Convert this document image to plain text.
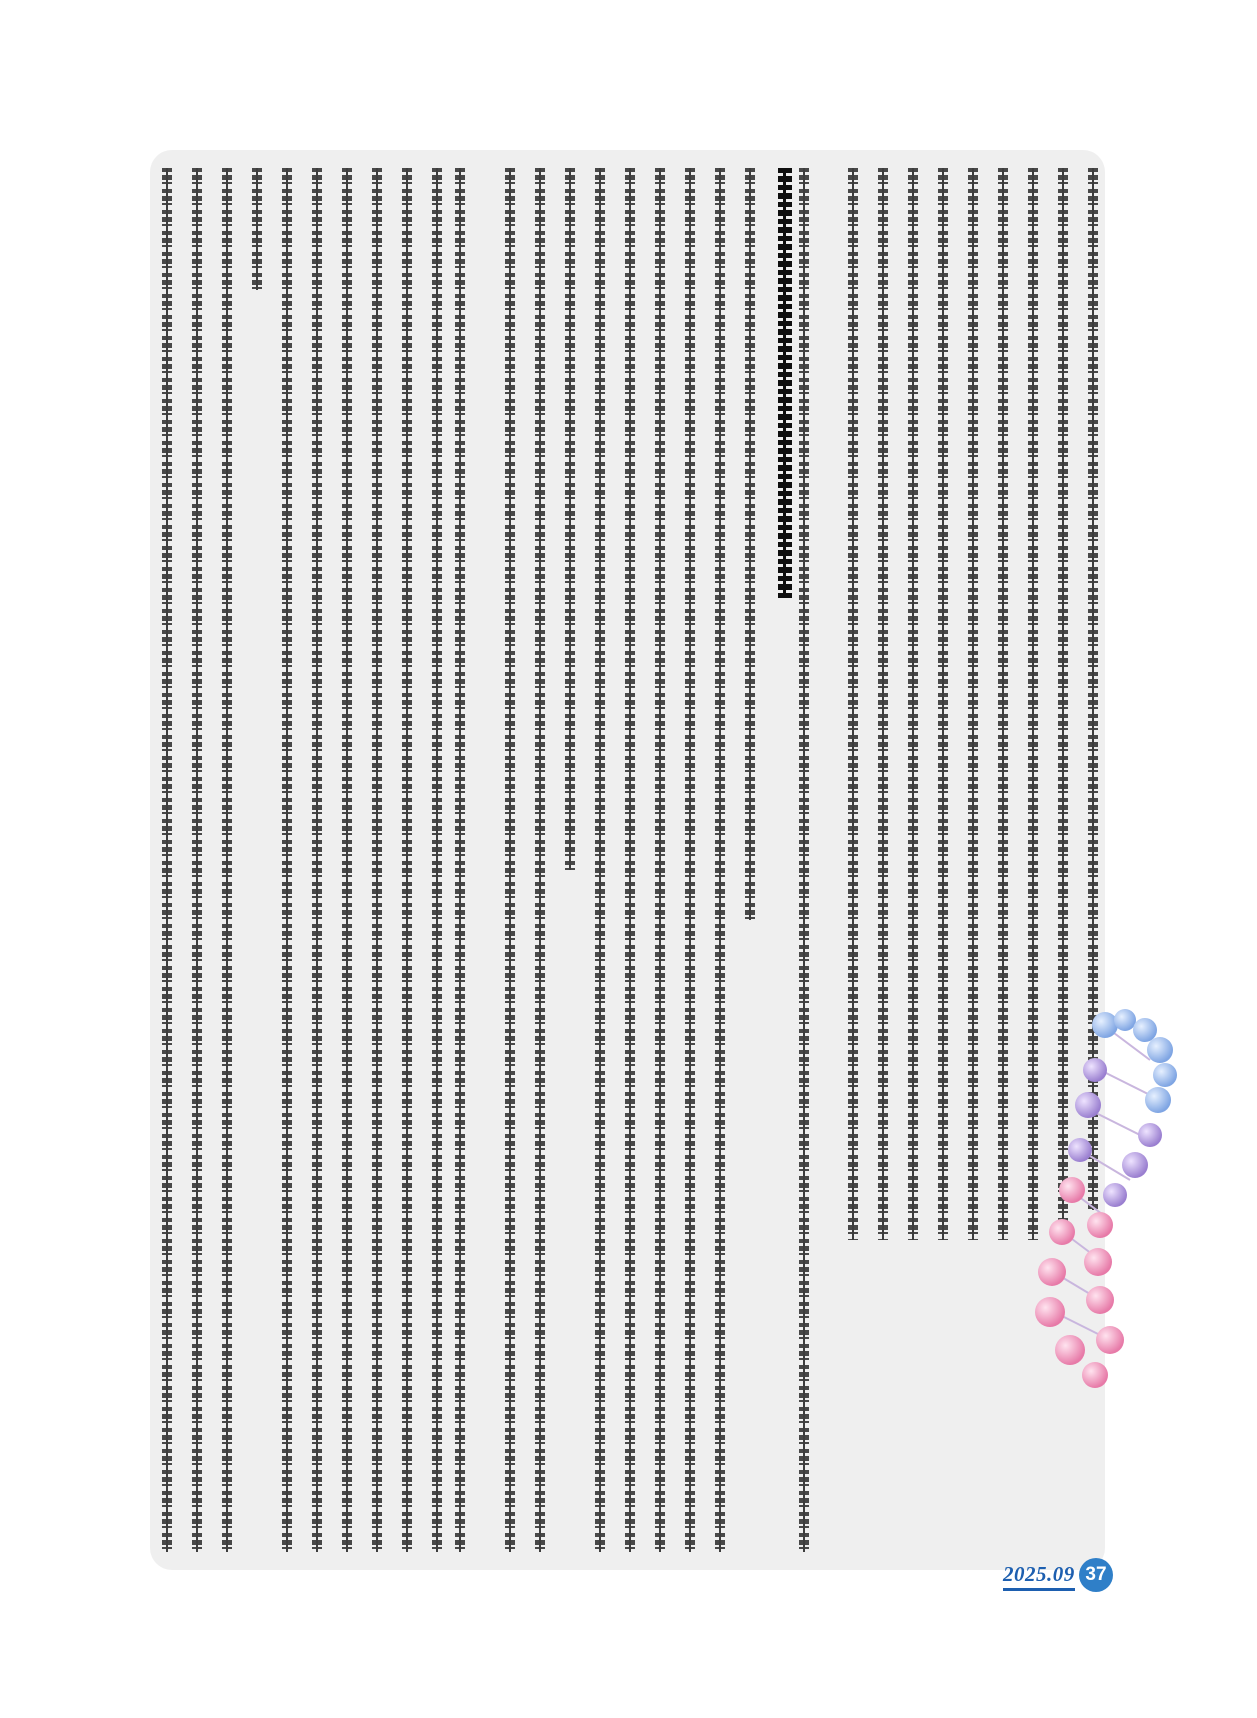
2025.09 37
